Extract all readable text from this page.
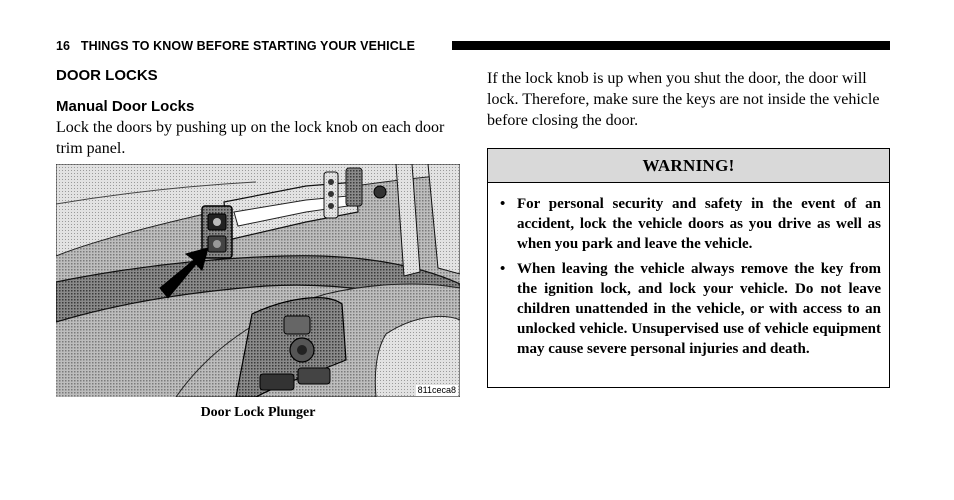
16 THINGS TO KNOW BEFORE STARTING YOUR VEHICLE
DOOR LOCKS
Manual Door Locks

Lock the doors by pushing up on the lock knob on each door trim panel.

811ceca8
Door Lock Plunger

If the lock knob is up when you shut the door, the door will lock. Therefore, make sure the keys are not inside the vehicle before closing the door.

WARNING!
• For personal security and safety in the event of an accident, lock the vehicle doors as you drive as well as when you park and leave the vehicle.
• When leaving the vehicle always remove the key from the ignition lock, and lock your vehicle. Do not leave children unattended in the vehicle, or with access to an unlocked vehicle. Unsupervised use of vehicle equipment may cause severe personal injuries and death.
